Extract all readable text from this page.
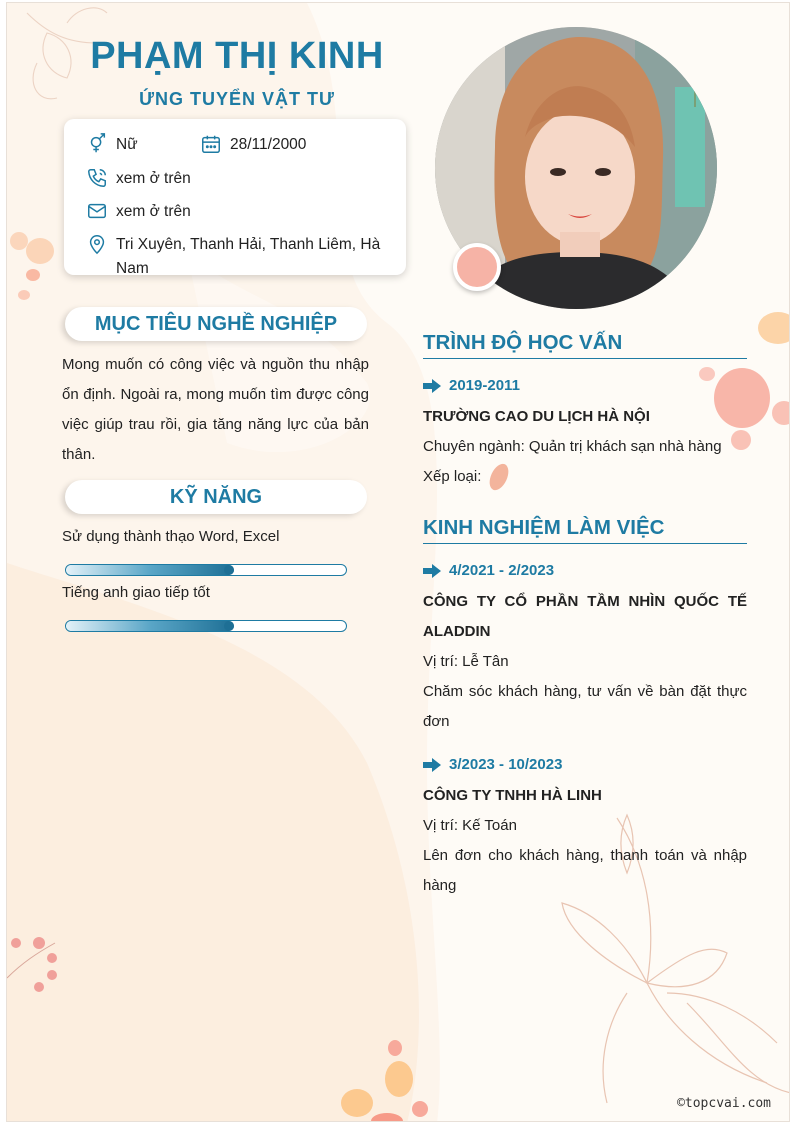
PHẠM THỊ KINH
ỨNG TUYỂN VẬT TƯ
Nữ	28/11/2000
xem ở trên
xem ở trên
Tri Xuyên, Thanh Hải, Thanh Liêm, Hà Nam
MỤC TIÊU NGHỀ NGHIỆP
Mong muốn có công việc và nguồn thu nhập ổn định. Ngoài ra, mong muốn tìm được công việc giúp trau rồi, gia tăng năng lực của bản thân.
KỸ NĂNG
Sử dụng thành thạo Word, Excel
Tiếng anh giao tiếp tốt
TRÌNH ĐỘ HỌC VẤN
2019-2011
TRƯỜNG CAO DU LỊCH HÀ NỘI
Chuyên ngành: Quản trị khách sạn nhà hàng
Xếp loại:
KINH NGHIỆM LÀM VIỆC
4/2021 - 2/2023
CÔNG TY CỔ PHẦN TẦM NHÌN QUỐC TẾ ALADDIN
Vị trí: Lễ Tân
Chăm sóc khách hàng, tư vấn về bàn đặt thực đơn
3/2023 - 10/2023
CÔNG TY TNHH HÀ LINH
Vị trí: Kế Toán
Lên đơn cho khách hàng, thanh toán và nhập hàng
©topcvai.com
